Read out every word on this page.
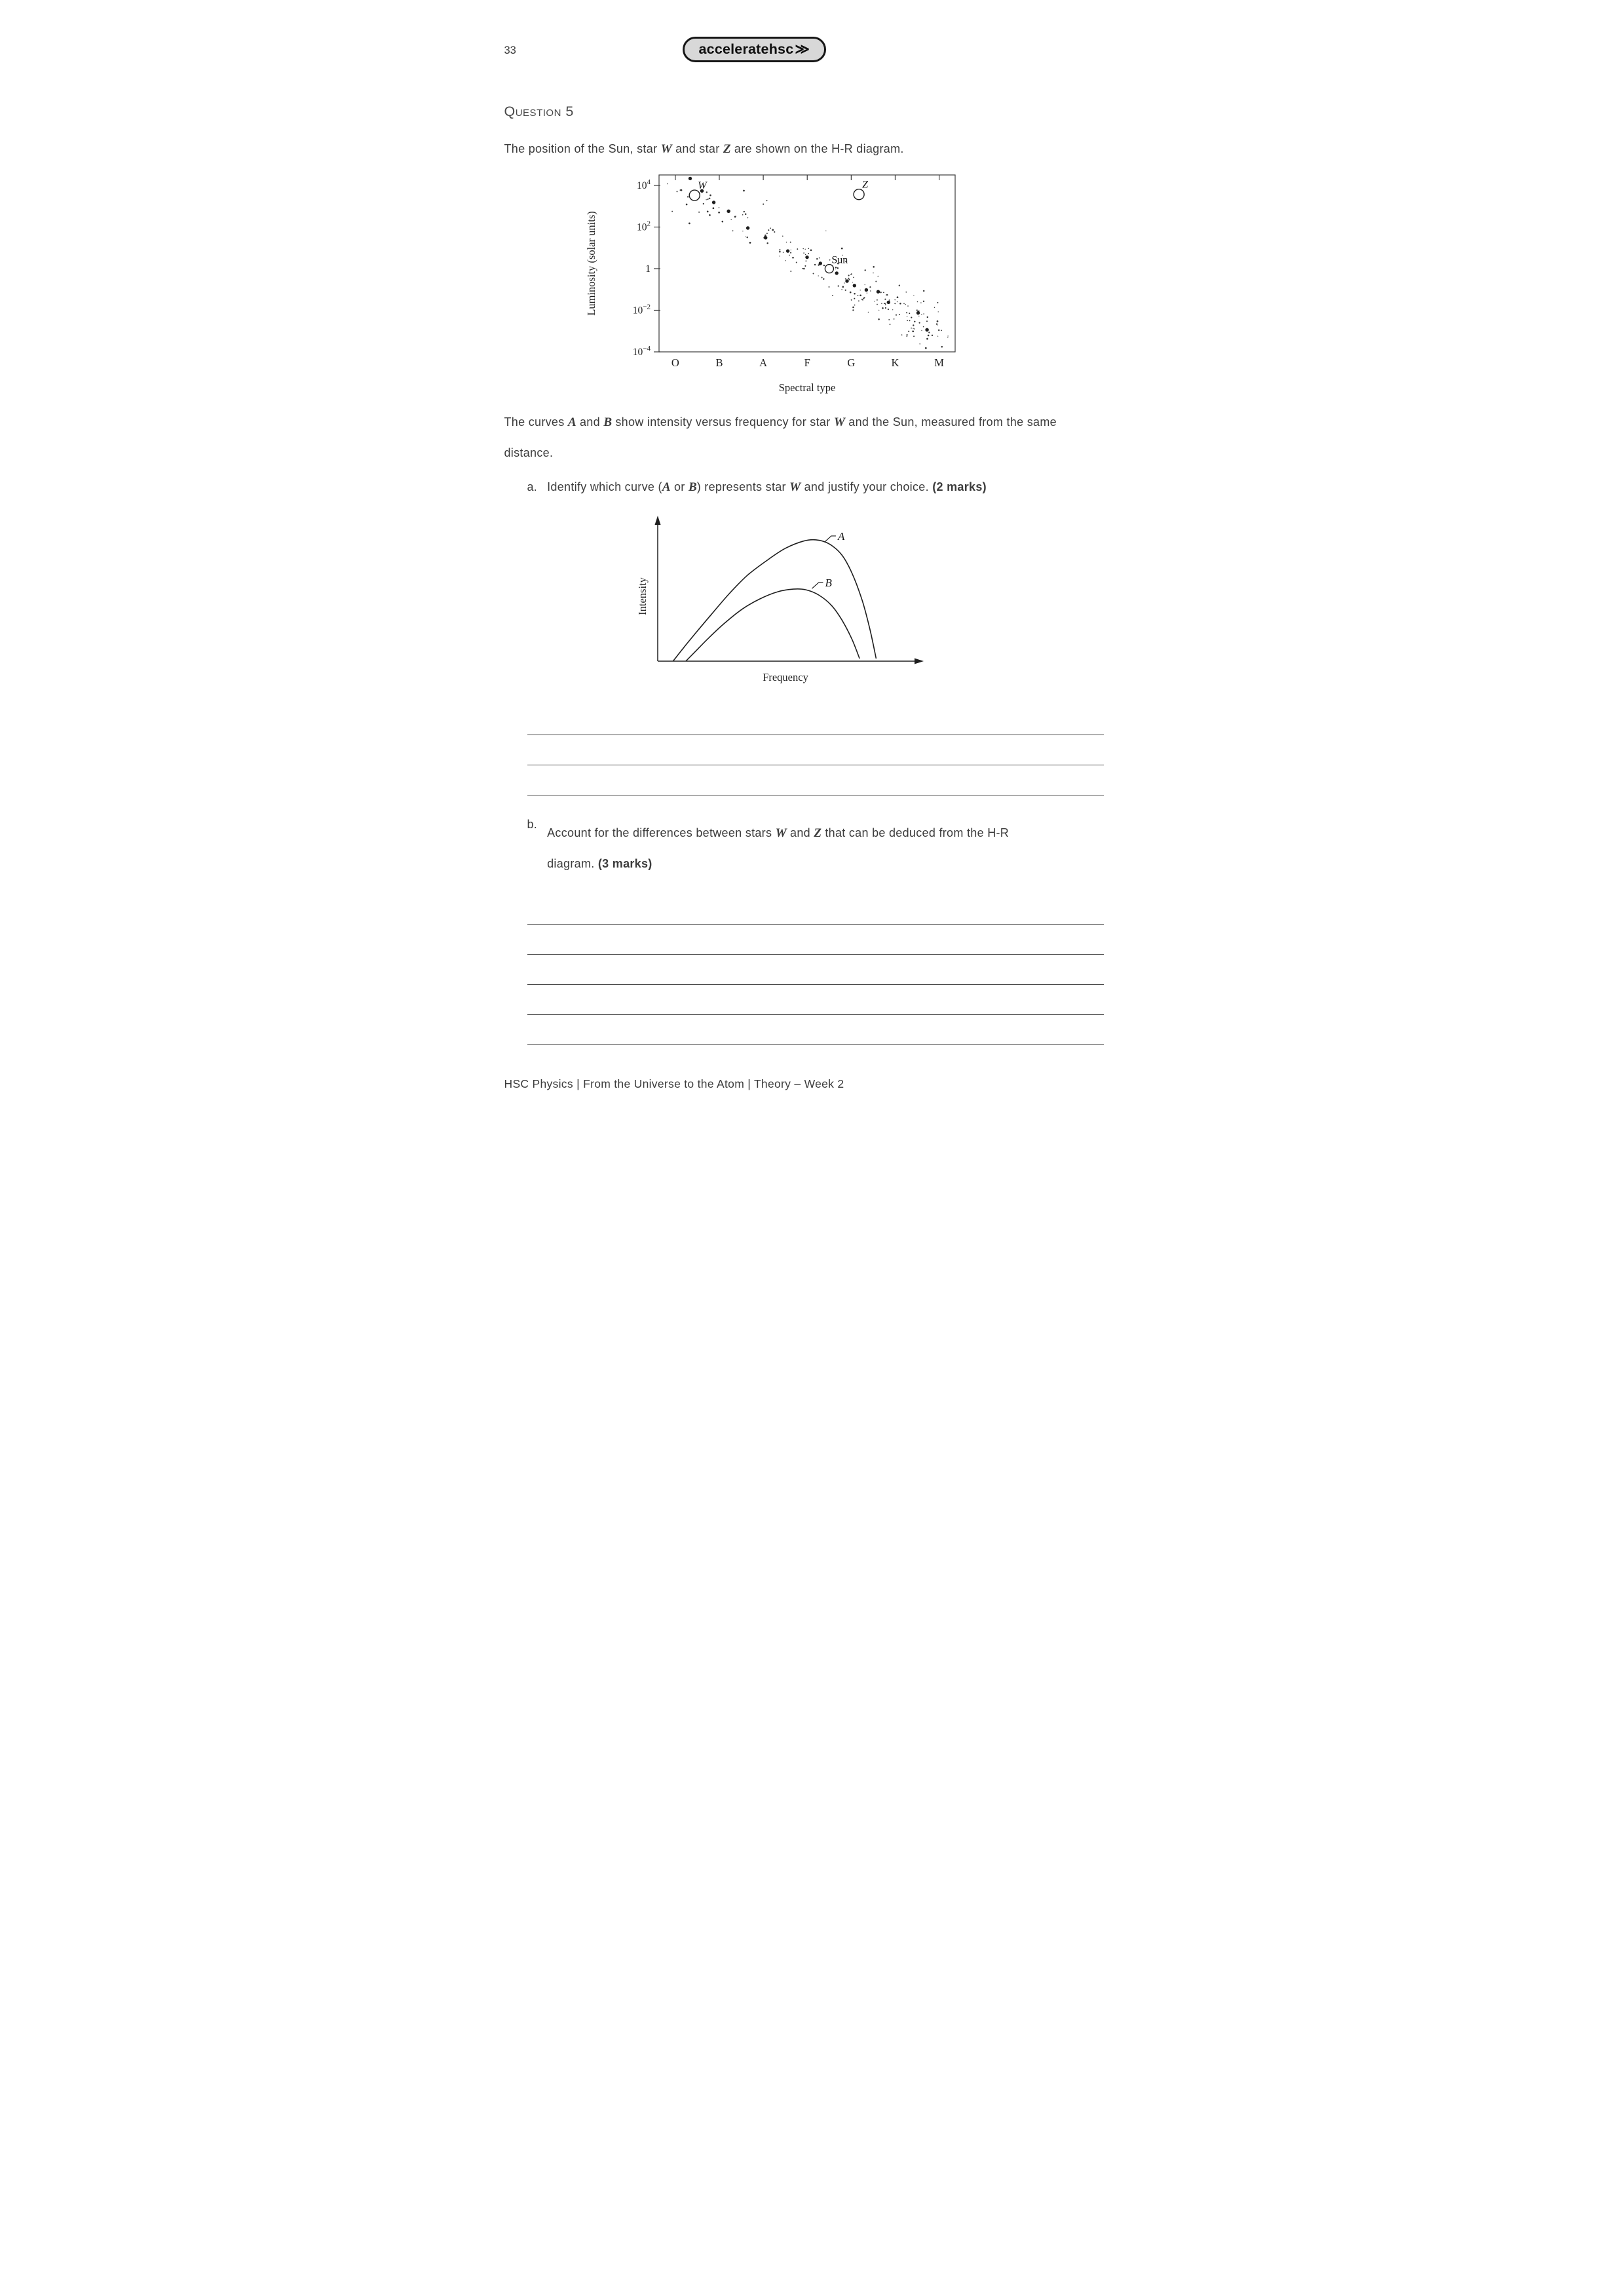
33	acceleratehsc ≫
Question 5

The position of the Sun, star W and star Z are shown on the H-R diagram.

$10^4$
$10^2$
1
$10^{-2}$
$10^{-4}$
O	B	A	F	G	K	M
W	Z
Sun
Luminosity (solar units)
Spectral type

The curves A and B show intensity versus frequency for star W and the Sun, measured from the same distance.

a. Identify which curve (A or B) represents star W and justify your choice. (2 marks)
A
B
Intensity
Frequency
b.
Account for the differences between stars W and Z that can be deduced from the H-R diagram. (3 marks)
HSC Physics | From the Universe to the Atom | Theory – Week 2
